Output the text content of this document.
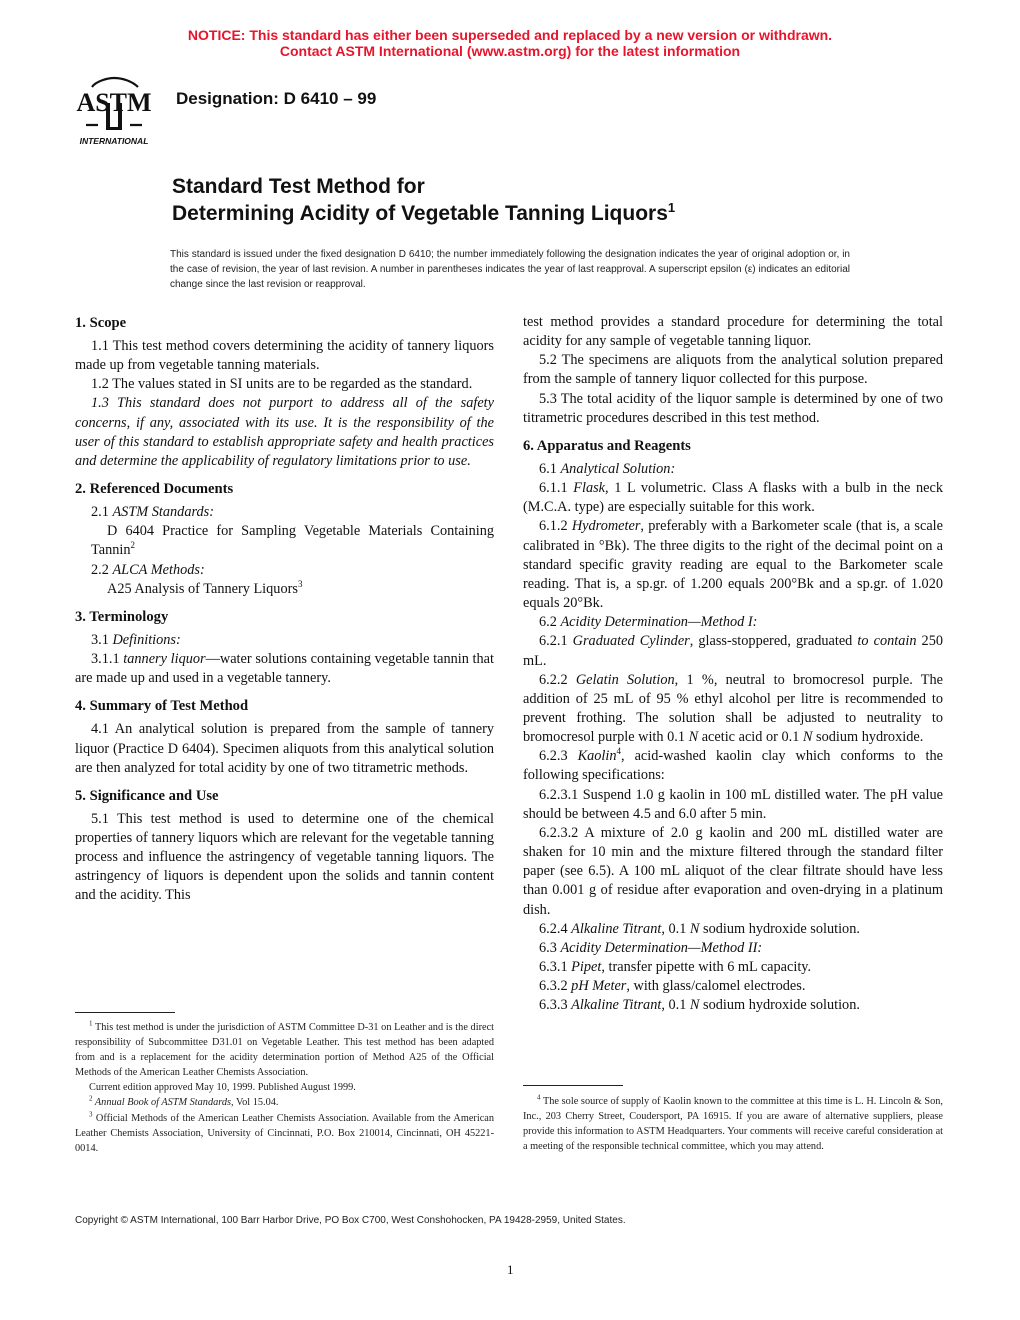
NOTICE: This standard has either been superseded and replaced by a new version or withdrawn.
Contact ASTM International (www.astm.org) for the latest information
ASTM
INTERNATIONAL
Designation: D 6410 – 99
Standard Test Method for
Determining Acidity of Vegetable Tanning Liquors$^1$
This standard is issued under the fixed designation D 6410; the number immediately following the designation indicates the year of original adoption or, in the case of revision, the year of last revision. A number in parentheses indicates the year of last reapproval. A superscript epsilon (ε) indicates an editorial change since the last revision or reapproval.
1. Scope

1.1 This test method covers determining the acidity of tannery liquors made up from vegetable tanning materials.

1.2 The values stated in SI units are to be regarded as the standard.

1.3 This standard does not purport to address all of the safety concerns, if any, associated with its use. It is the responsibility of the user of this standard to establish appropriate safety and health practices and determine the applicability of regulatory limitations prior to use.

2. Referenced Documents

2.1 ASTM Standards:

D 6404 Practice for Sampling Vegetable Materials Containing Tannin$^2$

2.2 ALCA Methods:

A25 Analysis of Tannery Liquors$^3$

3. Terminology

3.1 Definitions:

3.1.1 tannery liquor—water solutions containing vegetable tannin that are made up and used in a vegetable tannery.

4. Summary of Test Method

4.1 An analytical solution is prepared from the sample of tannery liquor (Practice D 6404). Specimen aliquots from this analytical solution are then analyzed for total acidity by one of two titrametric methods.

5. Significance and Use

5.1 This test method is used to determine one of the chemical properties of tannery liquors which are relevant for the vegetable tanning process and influence the astringency of vegetable tanning liquors. The astringency of liquors is dependent upon the solids and tannin content and the acidity. This

$^1$ This test method is under the jurisdiction of ASTM Committee D-31 on Leather and is the direct responsibility of Subcommittee D31.01 on Vegetable Leather. This test method has been adapted from and is a replacement for the acidity determination portion of Method A25 of the Official Methods of the American Leather Chemists Association.

Current edition approved May 10, 1999. Published August 1999.

$^2$ Annual Book of ASTM Standards, Vol 15.04.

$^3$ Official Methods of the American Leather Chemists Association. Available from the American Leather Chemists Association, University of Cincinnati, P.O. Box 210014, Cincinnati, OH 45221-0014.

test method provides a standard procedure for determining the total acidity for any sample of vegetable tanning liquor.

5.2 The specimens are aliquots from the analytical solution prepared from the sample of tannery liquor collected for this purpose.

5.3 The total acidity of the liquor sample is determined by one of two titrametric procedures described in this test method.

6. Apparatus and Reagents

6.1 Analytical Solution:

6.1.1 Flask, 1 L volumetric. Class A flasks with a bulb in the neck (M.C.A. type) are especially suitable for this work.

6.1.2 Hydrometer, preferably with a Barkometer scale (that is, a scale calibrated in °Bk). The three digits to the right of the decimal point on a standard specific gravity reading are equal to the Barkometer scale reading. That is, a sp.gr. of 1.200 equals 200°Bk and a sp.gr. of 1.020 equals 20°Bk.

6.2 Acidity Determination—Method I:

6.2.1 Graduated Cylinder, glass-stoppered, graduated to contain 250 mL.

6.2.2 Gelatin Solution, 1 %, neutral to bromocresol purple. The addition of 25 mL of 95 % ethyl alcohol per litre is recommended to prevent frothing. The solution shall be adjusted to neutrality to bromocresol purple with 0.1 N acetic acid or 0.1 N sodium hydroxide.

6.2.3 Kaolin$^4$, acid-washed kaolin clay which conforms to the following specifications:

6.2.3.1 Suspend 1.0 g kaolin in 100 mL distilled water. The pH value should be between 4.5 and 6.0 after 5 min.

6.2.3.2 A mixture of 2.0 g kaolin and 200 mL distilled water are shaken for 10 min and the mixture filtered through the standard filter paper (see 6.5). A 100 mL aliquot of the clear filtrate should have less than 0.001 g of residue after evaporation and oven-drying in a platinum dish.

6.2.4 Alkaline Titrant, 0.1 N sodium hydroxide solution.

6.3 Acidity Determination—Method II:

6.3.1 Pipet, transfer pipette with 6 mL capacity.

6.3.2 pH Meter, with glass/calomel electrodes.

6.3.3 Alkaline Titrant, 0.1 N sodium hydroxide solution.

$^4$ The sole source of supply of Kaolin known to the committee at this time is L. H. Lincoln & Son, Inc., 203 Cherry Street, Coudersport, PA 16915. If you are aware of alternative suppliers, please provide this information to ASTM Headquarters. Your comments will receive careful consideration at a meeting of the responsible technical committee, which you may attend.

Copyright © ASTM International, 100 Barr Harbor Drive, PO Box C700, West Conshohocken, PA 19428-2959, United States.
1
